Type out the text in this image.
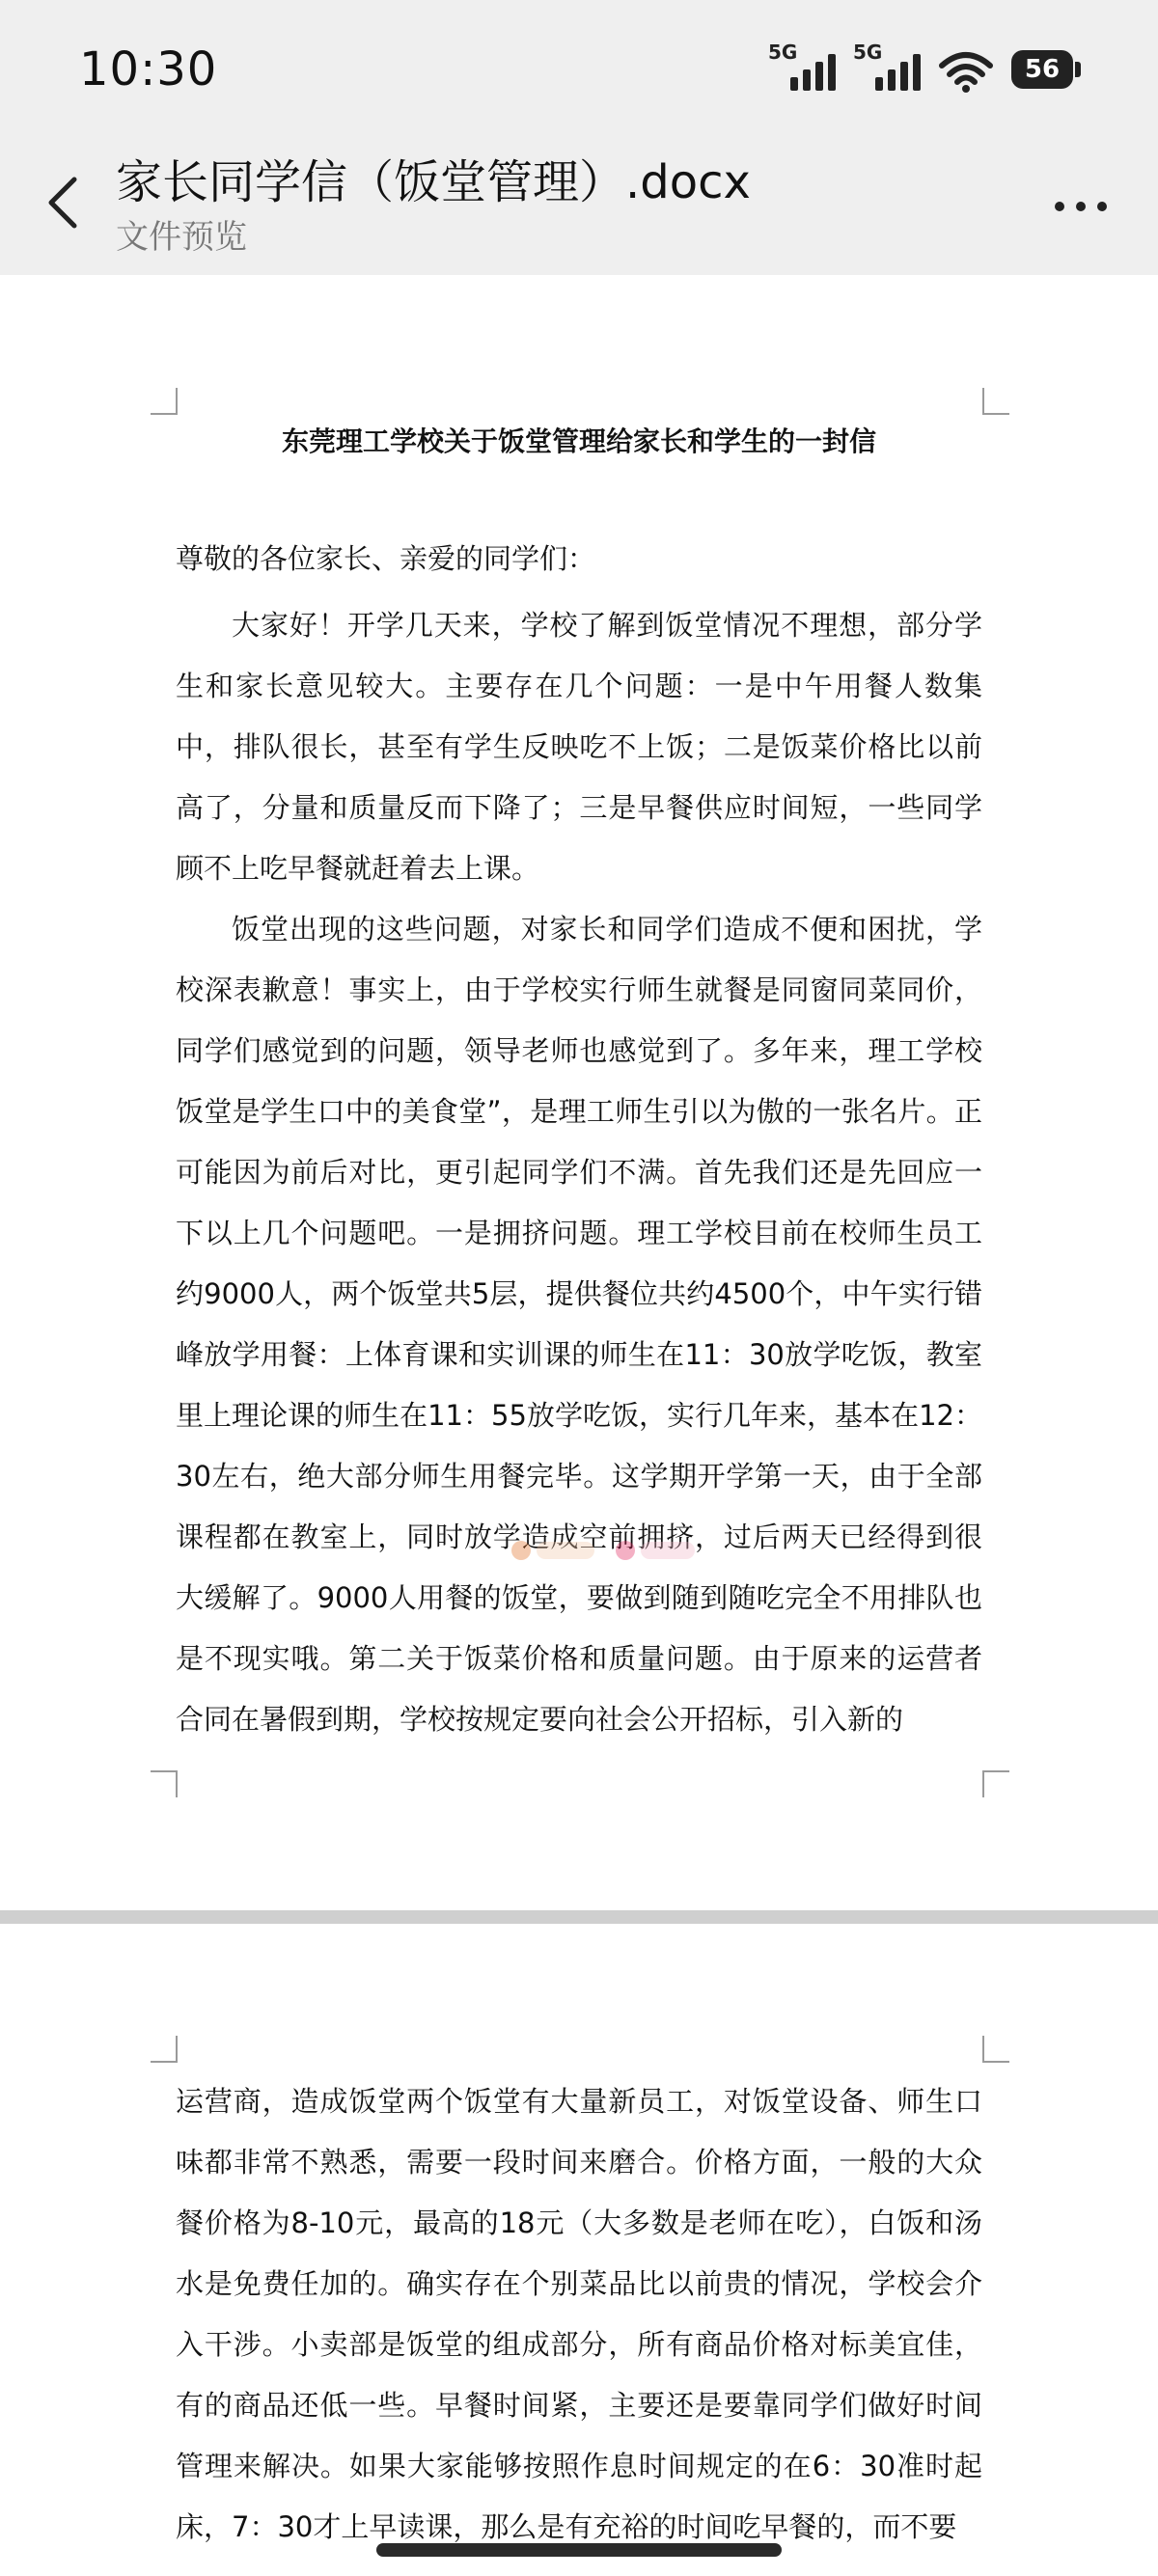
10:30	5G	5G
56
家长同学信（饭堂管理）.docx
文件预览

东莞理工学校关于饭堂管理给家长和学生的一封信

尊敬的各位家长、亲爱的同学们：

大家好！开学几天来，学校了解到饭堂情况不理想，部分学生和家长意见较大。主要存在几个问题：一是中午用餐人数集中，排队很长，甚至有学生反映吃不上饭；二是饭菜价格比以前高了，分量和质量反而下降了；三是早餐供应时间短，一些同学顾不上吃早餐就赶着去上课。

饭堂出现的这些问题，对家长和同学们造成不便和困扰，学校深表歉意！事实上，由于学校实行师生就餐是同窗同菜同价，同学们感觉到的问题，领导老师也感觉到了。多年来，理工学校饭堂是学生口中的美食堂”，是理工师生引以为傲的一张名片。正可能因为前后对比，更引起同学们不满。首先我们还是先回应一下以上几个问题吧。一是拥挤问题。理工学校目前在校师生员工约9000人，两个饭堂共5层，提供餐位共约4500个，中午实行错峰放学用餐：上体育课和实训课的师生在11：30放学吃饭，教室里上理论课的师生在11：55放学吃饭，实行几年来，基本在12：30左右，绝大部分师生用餐完毕。这学期开学第一天，由于全部课程都在教室上，同时放学造成空前拥挤，过后两天已经得到很大缓解了。9000人用餐的饭堂，要做到随到随吃完全不用排队也是不现实哦。第二关于饭菜价格和质量问题。由于原来的运营者合同在暑假到期，学校按规定要向社会公开招标，引入新的

运营商，造成饭堂两个饭堂有大量新员工，对饭堂设备、师生口味都非常不熟悉，需要一段时间来磨合。价格方面，一般的大众餐价格为8-10元，最高的18元（大多数是老师在吃），白饭和汤水是免费任加的。确实存在个别菜品比以前贵的情况，学校会介入干涉。小卖部是饭堂的组成部分，所有商品价格对标美宜佳，有的商品还低一些。早餐时间紧，主要还是要靠同学们做好时间管理来解决。如果大家能够按照作息时间规定的在6：30准时起床，7：30才上早读课，那么是有充裕的时间吃早餐的，而不要
